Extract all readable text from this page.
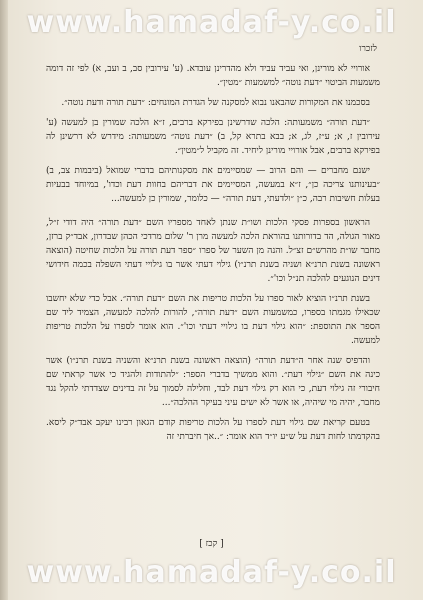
www.hamadaf-y.co.il
לזכרו

אורויי לא מורינן, ואי עביד עביד ולא מהדרינן עובדא. (ע' עירובין סב, ב ועב, א) לפי זה דומה משמעות הביטוי ״דעת נוטה״ למשמעות ״מטין״.

בסכמנו את המקורות שהבאנו נבוא למסקנה של הגדרת המונחים: ״דעת תורה ודעת נוטה״.

״דעת תורה״ משמעותה: הלכה שדרשינן בפירקא ברבים, ז״א הלכה שמורין בן למעשה (ע' עירובין ז, א; ע״ז, לג, א; בבא בתרא קל, ב) ״דעת נוטה״ משמעותה: מידרש לא דרשינן לה בפירקא ברבים, אבל אורויי מורינן ליחיד. זה מקביל ל״מטין״.

ישנם מחברים — והם הרוב — שמסיימים את מסקנותיהם בדברי שמואל (ביבמות צב, ב) ״בעינותנו צריכה כן״, ז״א במעשה, המסיימים את דבריהם בחוות דעת וכדו', במיוחד בבעיות בעלות חשיבות רבה, כ״ן ״ולדעתי, דעת תורה״ — כלומר, שמורין כן למעשה...

הראשון בספרות פסקי הלכות ושו״ת שנתן לאחד מספריו השם ״דעת תורה״ היה דודי ז״ל, מאור הגולה, הד בדורותנו בהוראת הלכה למעשה מרן ר' שלום מרדכי הכהן שבדרון, אבד״ק ברזן, מחבר שו״ת מהרש״ם זצ״ל. והנה מן השער של ספרו ״ספר דעת תורה על הלכות שחיטה (הוצאה ראשונה בשנת תרנ״א ושניה בשנת תרנ״ו) גילוי דעתי אשר בו גילויי דעתי השפלה בכמה חידושי דינים הנוגעים להלכה תנ״ל וכו'״.

בשנת תרנ״ו הוציא לאור ספרו על הלכות טריפות את השם ״דעת תורה״. אבל כדי שלא יחשבו שכאילו מגמתו בספרו, כמשמעות השם ״דעת תורה״, להורות להלכה למעשה, הצמיד ליד שם הספר את התוספת: ״הוא גילוי דעת בו גילויי דעתי וכו'״. הוא אומר לספרו על הלכות טריפות למעשה.

והדפיס שנה אחר ה״דעת תורה״ (הוצאה ראשונה בשנת תרנ״א והשניה בשנת תרנ״ו) אשר כינה את השם ״גילוי דעת״. והוא ממשיך בדברי הספר: ״להתודות ולהגיד כי אשר קראתי שם חיבורי זה גילוי דעת, כי הוא רק גילוי דעת לבד, וחלילה לסמוך על זה בדינים שצדדתי להקל נגד מחבר, יהיה מי שיהיה, או אשר לא ישים עיני בעיקר ההלכה״...

בטעם קריאת שם גילוי דעת לספרו על הלכות טריפות קודם הגאון רבינו יעקב אבד״ק ליסא. בהקדמתו לחות דעת על ש״ע יו״ד הוא אומר: ״..אך חיברתי זה

[ קכז ]
www.hamadaf-y.co.il
